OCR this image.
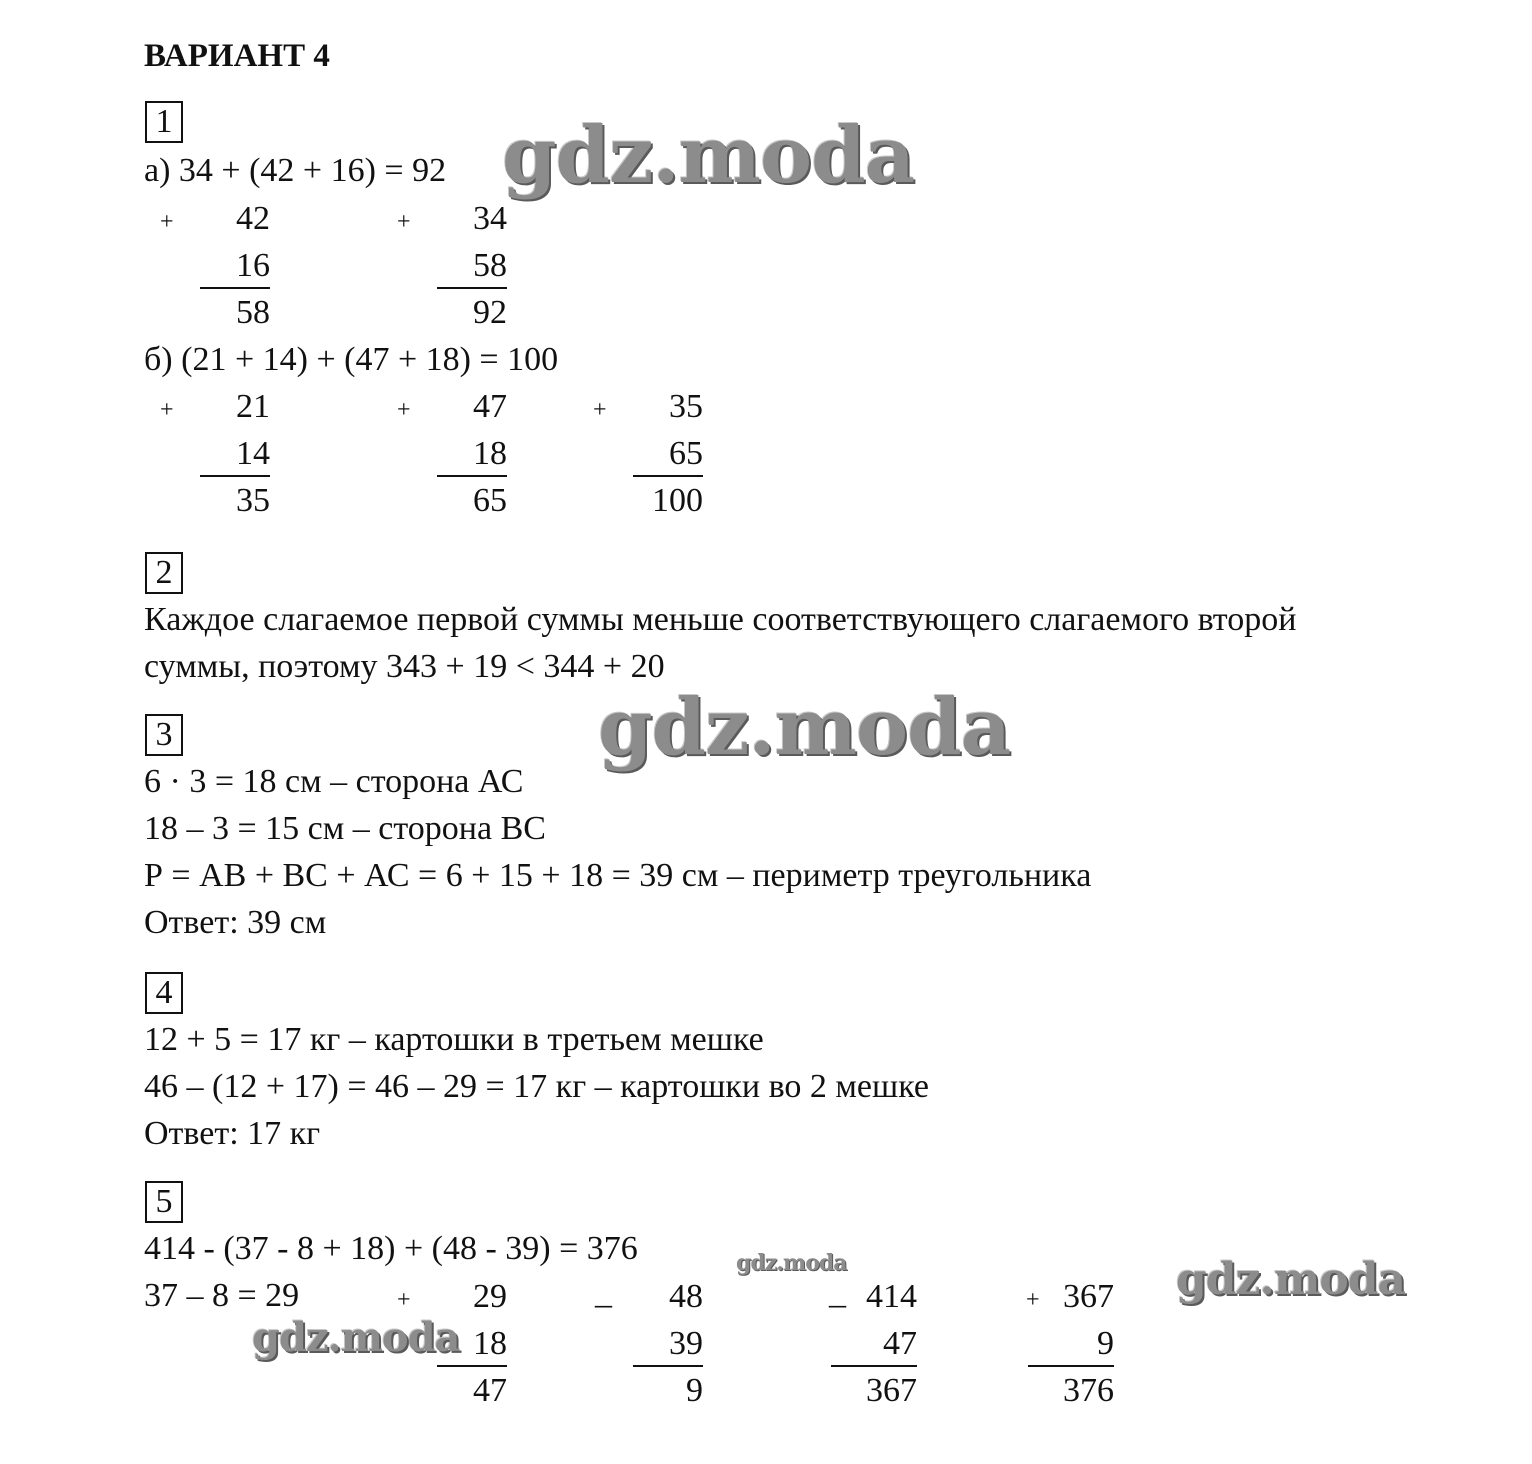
ВАРИАНТ 4
1
а) 34 + (42 + 16) = 92
+ 42
16
58
+ 34
58
92
б) (21 + 14) + (47 + 18) = 100
+ 21
14
35
+ 47
18
65
+ 35
65
100
2
Каждое слагаемое первой суммы меньше соответствующего слагаемого второй
суммы, поэтому 343 + 19 < 344 + 20
3
6 · 3 = 18 см – сторона АС
18 – 3 = 15 см – сторона ВС
Р = АВ + ВС + АС = 6 + 15 + 18 = 39 см – периметр треугольника
Ответ: 39 см
4
12 + 5 = 17 кг – картошки в третьем мешке
46 – (12 + 17) = 46 – 29 = 17 кг – картошки во 2 мешке
Ответ: 17 кг
5
414 - (37 - 8 + 18) + (48 - 39) = 376
37 – 8 = 29	+ 29
18
47
_ 48
39
9
_ 414
47
367
+ 367
9
376
gdz.moda
gdz.moda
gdz.moda	gdz.moda
gdz.moda
